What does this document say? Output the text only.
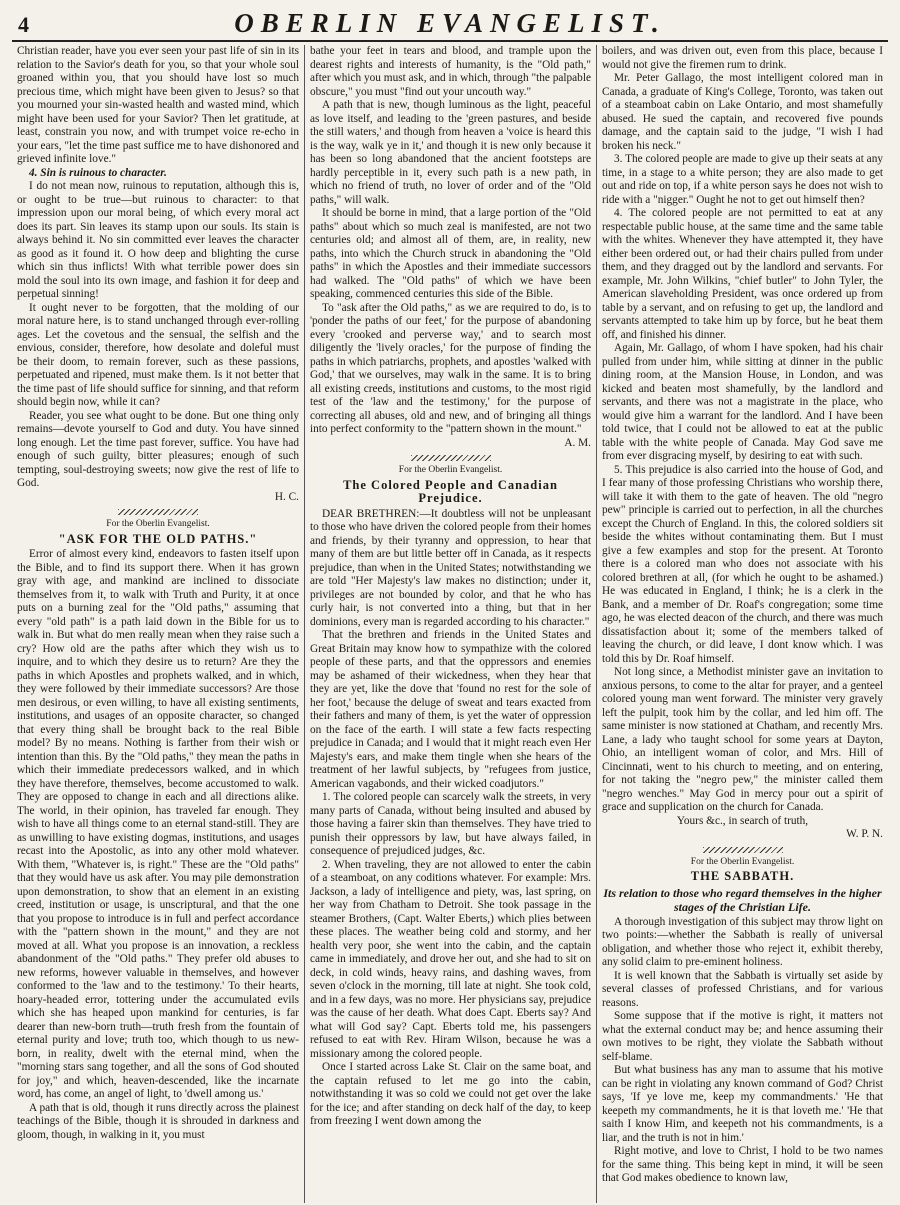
4	OBERLIN EVANGELIST.

Christian reader, have you ever seen your past life of sin in its relation to the Savior's death for you, so that your whole soul groaned within you, that you should have lost so much precious time, which might have been given to Jesus? so that you mourned your sin-wasted health and wasted mind, which might have been used for your Savior? Then let gratitude, at least, constrain you now, and with trumpet voice re-echo in your ears, "let the time past suffice me to have dishonored and grieved infinite love."

4. Sin is ruinous to character.

I do not mean now, ruinous to reputation, although this is, or ought to be true—but ruinous to character: to that impression upon our moral being, of which every moral act does its part. Sin leaves its stamp upon our souls. Its stain is always behind it. No sin committed ever leaves the character as good as it found it. O how deep and blighting the curse which sin thus inflicts! With what terrible power does sin mold the soul into its own image, and fashion it for deep and perpetual sinning!

It ought never to be forgotten, that the molding of our moral nature here, is to stand unchanged through ever-rolling ages. Let the covetous and the sensual, the selfish and the envious, consider, therefore, how desolate and doleful must be their doom, to remain forever, such as these passions, perpetuated and ripened, must make them. Is it not better that the time past of life should suffice for sinning, and that reform should begin now, while it can?

Reader, you see what ought to be done. But one thing only remains—devote yourself to God and duty. You have sinned long enough. Let the time past forever, suffice. You have had enough of such guilty, bitter pleasures; enough of such tempting, soul-destroying sweets; now give the rest of life to God.

H. C.

For the Oberlin Evangelist.

"ASK FOR THE OLD PATHS."

Error of almost every kind, endeavors to fasten itself upon the Bible, and to find its support there. When it has grown gray with age, and mankind are inclined to dissociate themselves from it, to walk with Truth and Purity, it at once puts on a burning zeal for the "Old paths," assuming that every "old path" is a path laid down in the Bible for us to walk in. But what do men really mean when they raise such a cry? How old are the paths after which they wish us to inquire, and to which they desire us to return? Are they the paths in which Apostles and prophets walked, and in which, they were followed by their immediate successors? Are those men desirous, or even willing, to have all existing sentiments, institutions, and usages of an opposite character, so changed that every thing shall be brought back to the real Bible model? By no means. Nothing is farther from their wish or intention than this. By the "Old paths," they mean the paths in which their immediate predecessors walked, and in which they have therefore, themselves, become accustomed to walk. They are opposed to change in each and all directions alike. The world, in their opinion, has traveled far enough. They wish to have all things come to an eternal stand-still. They are as unwilling to have existing dogmas, institutions, and usages recast into the Apostolic, as into any other mold whatever. With them, "Whatever is, is right." These are the "Old paths" that they would have us ask after. You may pile demonstration upon demonstration, to show that an element in an existing creed, institution or usage, is unscriptural, and that the one that you propose to introduce is in full and perfect accordance with the "pattern shown in the mount," and they are not moved at all. What you propose is an innovation, a reckless abandonment of the "Old paths." They prefer old abuses to new reforms, however valuable in themselves, and however conformed to the 'law and to the testimony.' To their hearts, hoary-headed error, tottering under the accumulated evils which she has heaped upon mankind for centuries, is far dearer than new-born truth—truth fresh from the fountain of eternal purity and love; truth too, which though to us new-born, in reality, dwelt with the eternal mind, when the "morning stars sang together, and all the sons of God shouted for joy," and which, heaven-descended, like the incarnate word, has come, an angel of light, to 'dwell among us.'

A path that is old, though it runs directly across the plainest teachings of the Bible, though it is shrouded in darkness and gloom, though, in walking in it, you must

bathe your feet in tears and blood, and trample upon the dearest rights and interests of humanity, is the "Old path," after which you must ask, and in which, through "the palpable obscure," you must "find out your uncouth way."

A path that is new, though luminous as the light, peaceful as love itself, and leading to the 'green pastures, and beside the still waters,' and though from heaven a 'voice is heard this is the way, walk ye in it,' and though it is new only because it has been so long abandoned that the ancient footsteps are hardly perceptible in it, every such path is a new path, in which no friend of truth, no lover of order and of the "Old paths," will walk.

It should be borne in mind, that a large portion of the "Old paths" about which so much zeal is manifested, are not two centuries old; and almost all of them, are, in reality, new paths, into which the Church struck in abandoning the "Old paths" in which the Apostles and their immediate successors had walked. The "Old paths" of which we have been speaking, commenced centuries this side of the Bible.

To "ask after the Old paths," as we are required to do, is to 'ponder the paths of our feet,' for the purpose of abandoning every 'crooked and perverse way,' and to search most diligently the 'lively oracles,' for the purpose of finding the paths in which patriarchs, prophets, and apostles 'walked with God,' that we ourselves, may walk in the same. It is to bring all existing creeds, institutions and customs, to the most rigid test of the 'law and the testimony,' for the purpose of correcting all abuses, old and new, and of bringing all things into perfect conformity to the "pattern shown in the mount."

A. M.

For the Oberlin Evangelist.

The Colored People and Canadian Prejudice.

DEAR BRETHREN:—It doubtless will not be unpleasant to those who have driven the colored people from their homes and friends, by their tyranny and oppression, to hear that many of them are but little better off in Canada, as it respects prejudice, than when in the United States; notwithstanding we are told "Her Majesty's law makes no distinction; under it, privileges are not bounded by color, and that he who has curly hair, is not converted into a thing, but that in her dominions, every man is regarded according to his character."

That the brethren and friends in the United States and Great Britain may know how to sympathize with the colored people of these parts, and that the oppressors and enemies may be ashamed of their wickedness, when they hear that they are yet, like the dove that 'found no rest for the sole of her foot,' because the deluge of sweat and tears exacted from their fathers and many of them, is yet the water of oppression on the face of the earth. I will state a few facts respecting prejudice in Canada; and I would that it might reach even Her Majesty's ears, and make them tingle when she hears of the treatment of her lawful subjects, by "refugees from justice, American vagabonds, and their wicked coadjutors."

1. The colored people can scarcely walk the streets, in very many parts of Canada, without being insulted and abused by those having a fairer skin than themselves. They have tried to punish their oppressors by law, but have always failed, in consequence of prejudiced judges, &c.

2. When traveling, they are not allowed to enter the cabin of a steamboat, on any coditions whatever. For example: Mrs. Jackson, a lady of intelligence and piety, was, last spring, on her way from Chatham to Detroit. She took passage in the steamer Brothers, (Capt. Walter Eberts,) which plies between these places. The weather being cold and stormy, and her health very poor, she went into the cabin, and the captain came in immediately, and drove her out, and she had to sit on deck, in cold winds, heavy rains, and dashing waves, from seven o'clock in the morning, till late at night. She took cold, and in a few days, was no more. Her physicians say, prejudice was the cause of her death. What does Capt. Eberts say? And what will God say? Capt. Eberts told me, his passengers refused to eat with Rev. Hiram Wilson, because he was a missionary among the colored people.

Once I started across Lake St. Clair on the same boat, and the captain refused to let me go into the cabin, notwithstanding it was so cold we could not get over the lake for the ice; and after standing on deck half of the day, to keep from freezing I went down among the

boilers, and was driven out, even from this place, because I would not give the firemen rum to drink.

Mr. Peter Gallago, the most intelligent colored man in Canada, a graduate of King's College, Toronto, was taken out of a steamboat cabin on Lake Ontario, and most shamefully abused. He sued the captain, and recovered five pounds damage, and the captain said to the judge, "I wish I had broken his neck."

3. The colored people are made to give up their seats at any time, in a stage to a white person; they are also made to get out and ride on top, if a white person says he does not wish to ride with a "nigger." Ought he not to get out himself then?

4. The colored people are not permitted to eat at any respectable public house, at the same time and the same table with the whites. Whenever they have attempted it, they have either been ordered out, or had their chairs pulled from under them, and they dragged out by the landlord and servants. For example, Mr. John Wilkins, "chief butler" to John Tyler, the American slaveholding President, was once ordered up from table by a servant, and on refusing to get up, the landlord and servants attempted to take him up by force, but he beat them off, and finished his dinner.

Again, Mr. Gallago, of whom I have spoken, had his chair pulled from under him, while sitting at dinner in the public dining room, at the Mansion House, in London, and was kicked and beaten most shamefully, by the landlord and servants, and there was not a magistrate in the place, who would give him a warrant for the landlord. And I have been told twice, that I could not be allowed to eat at the public table with the white people of Canada. May God save me from ever disgracing myself, by desiring to eat with such.

5. This prejudice is also carried into the house of God, and I fear many of those professing Christians who worship there, will take it with them to the gate of heaven. The old "negro pew" principle is carried out to perfection, in all the churches except the Church of England. In this, the colored soldiers sit beside the whites without contaminating them. But I must give a few examples and stop for the present. At Toronto there is a colored man who does not associate with his colored brethren at all, (for which he ought to be ashamed.) He was educated in England, I think; he is a clerk in the Bank, and a member of Dr. Roaf's congregation; some time ago, he was elected deacon of the church, and there was much dissatisfaction about it; some of the members talked of leaving the church, or did leave, I dont know which. I was told this by Dr. Roaf himself.

Not long since, a Methodist minister gave an invitation to anxious persons, to come to the altar for prayer, and a genteel colored young man went forward. The minister very gravely left the pulpit, took him by the collar, and led him off. The same minister is now stationed at Chatham, and recently Mrs. Lane, a lady who taught school for some years at Dayton, Ohio, an intelligent woman of color, and Mrs. Hill of Cincinnati, went to his church to meeting, and on entering, for not taking the "negro pew," the minister called them "negro wenches." May God in mercy pour out a spirit of grace and supplication on the church for Canada.

Yours &c., in search of truth,

W. P. N.

For the Oberlin Evangelist.

THE SABBATH.

Its relation to those who regard themselves in the higher stages of the Christian Life.

A thorough investigation of this subject may throw light on two points:—whether the Sabbath is really of universal obligation, and whether those who reject it, exhibit thereby, any solid claim to pre-eminent holiness.

It is well known that the Sabbath is virtually set aside by several classes of professed Christians, and for various reasons.

Some suppose that if the motive is right, it matters not what the external conduct may be; and hence assuming their own motives to be right, they violate the Sabbath without self-blame.

But what business has any man to assume that his motive can be right in violating any known command of God? Christ says, 'If ye love me, keep my commandments.' 'He that keepeth my commandments, he it is that loveth me.' 'He that saith I know Him, and keepeth not his commandments, is a liar, and the truth is not in him.'

Right motive, and love to Christ, I hold to be two names for the same thing. This being kept in mind, it will be seen that God makes obedience to known law,
